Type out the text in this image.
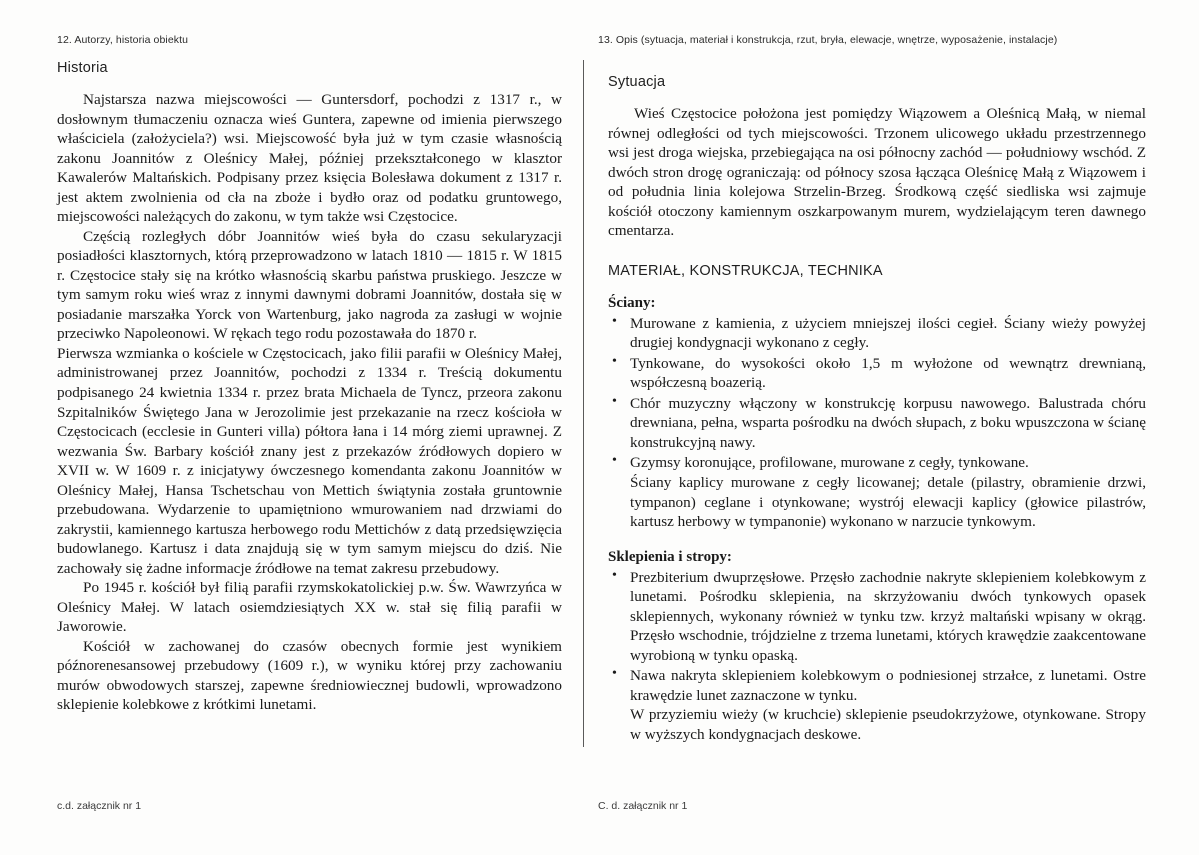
12. Autorzy, historia obiektu	13. Opis (sytuacja, materiał i konstrukcja, rzut, bryła, elewacje, wnętrze, wyposażenie, instalacje)
Historia

Najstarsza nazwa miejscowości — Guntersdorf, pochodzi z 1317 r., w dosłownym tłumaczeniu oznacza wieś Guntera, zapewne od imienia pierwszego właściciela (założyciela?) wsi. Miejscowość była już w tym czasie własnością zakonu Joannitów z Oleśnicy Małej, później przekształconego w klasztor Kawalerów Maltańskich. Podpisany przez księcia Bolesława dokument z 1317 r. jest aktem zwolnienia od cła na zboże i bydło oraz od podatku gruntowego, miejscowości należących do zakonu, w tym także wsi Częstocice.

Częścią rozległych dóbr Joannitów wieś była do czasu sekularyzacji posiadłości klasztornych, którą przeprowadzono w latach 1810 — 1815 r. W 1815 r. Częstocice stały się na krótko własnością skarbu państwa pruskiego. Jeszcze w tym samym roku wieś wraz z innymi dawnymi dobrami Joannitów, dostała się w posiadanie marszałka Yorck von Wartenburg, jako nagroda za zasługi w wojnie przeciwko Napoleonowi. W rękach tego rodu pozostawała do 1870 r.

Pierwsza wzmianka o kościele w Częstocicach, jako filii parafii w Oleśnicy Małej, administrowanej przez Joannitów, pochodzi z 1334 r. Treścią dokumentu podpisanego 24 kwietnia 1334 r. przez brata Michaela de Tyncz, przeora zakonu Szpitalników Świętego Jana w Jerozolimie jest przekazanie na rzecz kościoła w Częstocicach (ecclesie in Gunteri villa) półtora łana i 14 mórg ziemi uprawnej. Z wezwania Św. Barbary kościół znany jest z przekazów źródłowych dopiero w XVII w. W 1609 r. z inicjatywy ówczesnego komendanta zakonu Joannitów w Oleśnicy Małej, Hansa Tschetschau von Mettich świątynia została gruntownie przebudowana. Wydarzenie to upamiętniono wmurowaniem nad drzwiami do zakrystii, kamiennego kartusza herbowego rodu Mettichów z datą przedsięwzięcia budowlanego. Kartusz i data znajdują się w tym samym miejscu do dziś. Nie zachowały się żadne informacje źródłowe na temat zakresu przebudowy.

Po 1945 r. kościół był filią parafii rzymskokatolickiej p.w. Św. Wawrzyńca w Oleśnicy Małej. W latach osiemdziesiątych XX w. stał się filią parafii w Jaworowie.

Kościół w zachowanej do czasów obecnych formie jest wynikiem późnorenesansowej przebudowy (1609 r.), w wyniku której przy zachowaniu murów obwodowych starszej, zapewne średniowiecznej budowli, wprowadzono sklepienie kolebkowe z krótkimi lunetami.

Sytuacja

Wieś Częstocice położona jest pomiędzy Wiązowem a Oleśnicą Małą, w niemal równej odległości od tych miejscowości. Trzonem ulicowego układu przestrzennego wsi jest droga wiejska, przebiegająca na osi północny zachód — południowy wschód. Z dwóch stron drogę ograniczają: od północy szosa łącząca Oleśnicę Małą z Wiązowem i od południa linia kolejowa Strzelin-Brzeg. Środkową część siedliska wsi zajmuje kościół otoczony kamiennym oszkarpowanym murem, wydzielającym teren dawnego cmentarza.

MATERIAŁ, KONSTRUKCJA, TECHNIKA
Ściany:
• Murowane z kamienia, z użyciem mniejszej ilości cegieł. Ściany wieży powyżej drugiej kondygnacji wykonano z cegły.
• Tynkowane, do wysokości około 1,5 m wyłożone od wewnątrz drewnianą, współczesną boazerią.
• Chór muzyczny włączony w konstrukcję korpusu nawowego. Balustrada chóru drewniana, pełna, wsparta pośrodku na dwóch słupach, z boku wpuszczona w ścianę konstrukcyjną nawy.
• Gzymsy koronujące, profilowane, murowane z cegły, tynkowane.
Ściany kaplicy murowane z cegły licowanej; detale (pilastry, obramienie drzwi, tympanon) ceglane i otynkowane; wystrój elewacji kaplicy (głowice pilastrów, kartusz herbowy w tympanonie) wykonano w narzucie tynkowym.
Sklepienia i stropy:
• Prezbiterium dwuprzęsłowe. Przęsło zachodnie nakryte sklepieniem kolebkowym z lunetami. Pośrodku sklepienia, na skrzyżowaniu dwóch tynkowych opasek sklepiennych, wykonany również w tynku tzw. krzyż maltański wpisany w okrąg. Przęsło wschodnie, trójdzielne z trzema lunetami, których krawędzie zaakcentowane wyrobioną w tynku opaską.
• Nawa nakryta sklepieniem kolebkowym o podniesionej strzałce, z lunetami. Ostre krawędzie lunet zaznaczone w tynku.
W przyziemiu wieży (w kruchcie) sklepienie pseudokrzyżowe, otynkowane. Stropy w wyższych kondygnacjach deskowe.
c.d. załącznik nr 1	C. d. załącznik nr 1
